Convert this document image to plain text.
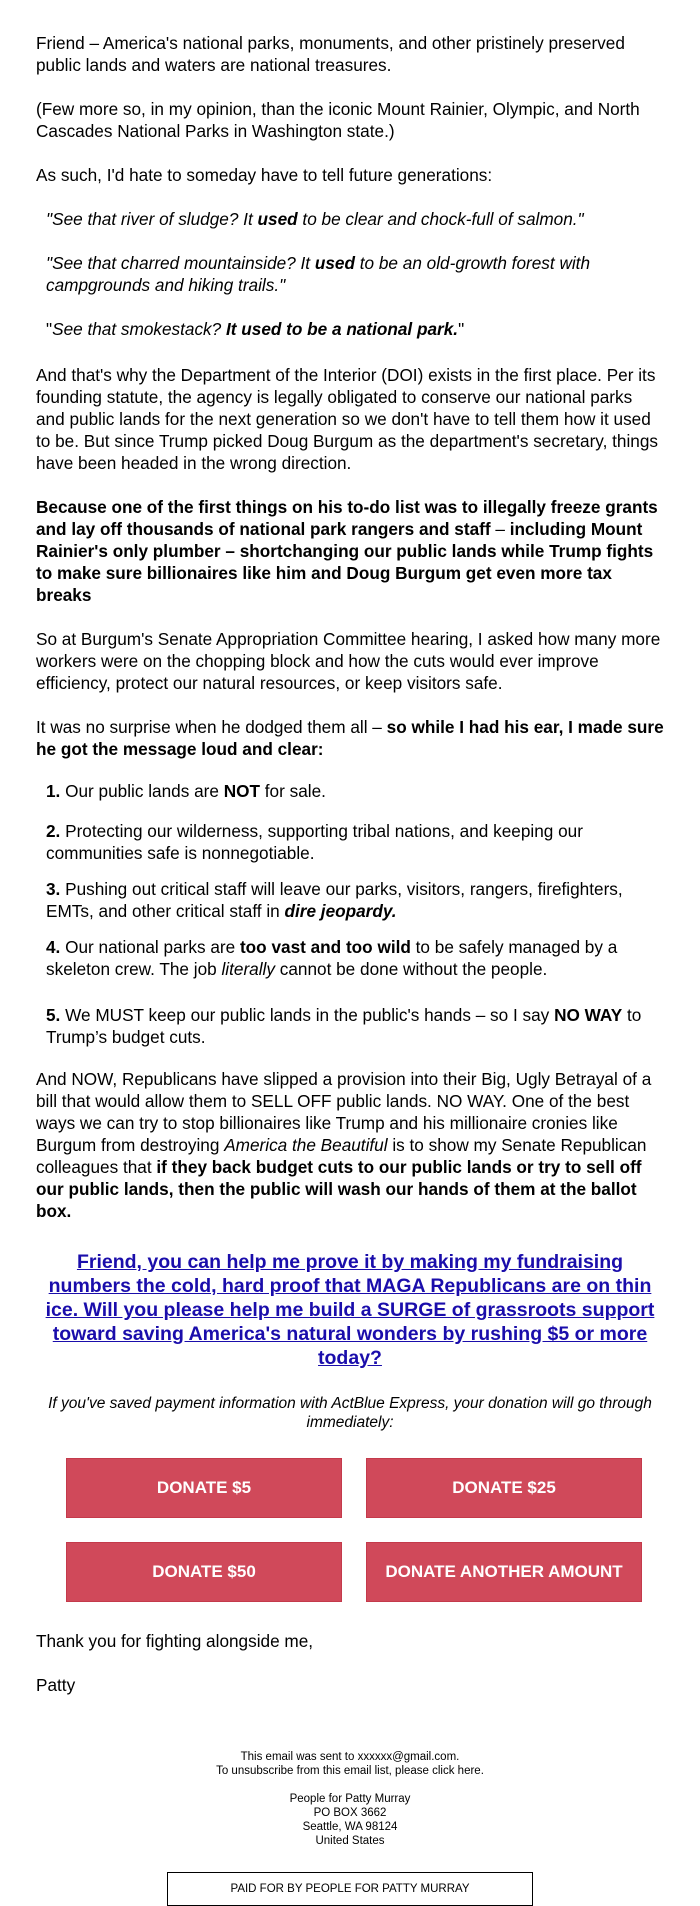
Friend – America's national parks, monuments, and other pristinely preserved public lands and waters are national treasures.

(Few more so, in my opinion, than the iconic Mount Rainier, Olympic, and North Cascades National Parks in Washington state.)

As such, I'd hate to someday have to tell future generations:

"See that river of sludge? It used to be clear and chock-full of salmon."

"See that charred mountainside? It used to be an old-growth forest with campgrounds and hiking trails."

"See that smokestack? It used to be a national park."

And that's why the Department of the Interior (DOI) exists in the first place. Per its founding statute, the agency is legally obligated to conserve our national parks and public lands for the next generation so we don't have to tell them how it used to be. But since Trump picked Doug Burgum as the department's secretary, things have been headed in the wrong direction.

Because one of the first things on his to-do list was to illegally freeze grants and lay off thousands of national park rangers and staff – including Mount Rainier's only plumber – shortchanging our public lands while Trump fights to make sure billionaires like him and Doug Burgum get even more tax breaks

So at Burgum's Senate Appropriation Committee hearing, I asked how many more workers were on the chopping block and how the cuts would ever improve efficiency, protect our natural resources, or keep visitors safe.

It was no surprise when he dodged them all – so while I had his ear, I made sure he got the message loud and clear:

1. Our public lands are NOT for sale.

2. Protecting our wilderness, supporting tribal nations, and keeping our communities safe is nonnegotiable.

3. Pushing out critical staff will leave our parks, visitors, rangers, firefighters, EMTs, and other critical staff in dire jeopardy.

4. Our national parks are too vast and too wild to be safely managed by a skeleton crew. The job literally cannot be done without the people.

5. We MUST keep our public lands in the public's hands – so I say NO WAY to Trump’s budget cuts.

And NOW, Republicans have slipped a provision into their Big, Ugly Betrayal of a bill that would allow them to SELL OFF public lands. NO WAY. One of the best ways we can try to stop billionaires like Trump and his millionaire cronies like Burgum from destroying America the Beautiful is to show my Senate Republican colleagues that if they back budget cuts to our public lands or try to sell off our public lands, then the public will wash our hands of them at the ballot box.

Friend, you can help me prove it by making my fundraising numbers the cold, hard proof that MAGA Republicans are on thin ice. Will you please help me build a SURGE of grassroots support toward saving America's natural wonders by rushing $5 or more today?
If you've saved payment information with ActBlue Express, your donation will go through immediately:
DONATE $5	DONATE $25
DONATE $50	DONATE ANOTHER AMOUNT

Thank you for fighting alongside me,

Patty

This email was sent to xxxxxx@gmail.com.
To unsubscribe from this email list, please click here.
People for Patty Murray
PO BOX 3662
Seattle, WA 98124
United States
PAID FOR BY PEOPLE FOR PATTY MURRAY
